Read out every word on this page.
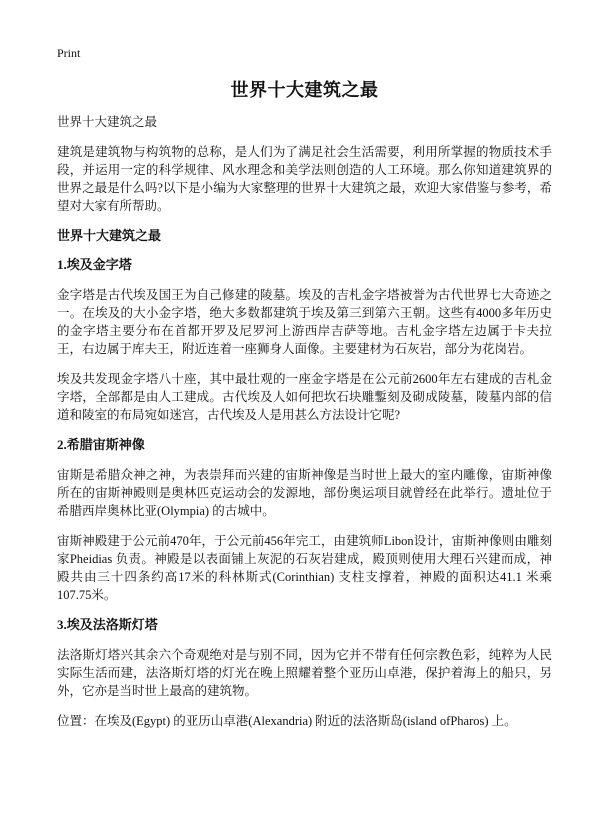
Print
世界十大建筑之最
世界十大建筑之最

建筑是建筑物与构筑物的总称，是人们为了满足社会生活需要，利用所掌握的物质技术手段，并运用一定的科学规律、风水理念和美学法则创造的人工环境。那么你知道建筑界的世界之最是什么吗?以下是小编为大家整理的世界十大建筑之最，欢迎大家借鉴与参考，希望对大家有所帮助。

世界十大建筑之最
1.埃及金字塔

金字塔是古代埃及国王为自己修建的陵墓。埃及的吉札金字塔被誉为古代世界七大奇迹之一。在埃及的大小金字塔，绝大多数都建筑于埃及第三到第六王朝。这些有4000多年历史的金字塔主要分布在首都开罗及尼罗河上游西岸吉萨等地。吉札金字塔左边属于卡夫拉王，右边属于库夫王，附近连着一座狮身人面像。主要建材为石灰岩，部分为花岗岩。

埃及共发现金字塔八十座，其中最壮观的一座金字塔是在公元前2600年左右建成的吉札金字塔，全部都是由人工建成。古代埃及人如何把坎石块雕鏨刻及砌成陵墓，陵墓内部的信道和陵室的布局宛如迷宫，古代埃及人是用甚么方法设计它呢?

2.希腊宙斯神像

宙斯是希腊众神之神，为表崇拜而兴建的宙斯神像是当时世上最大的室内雕像，宙斯神像所在的宙斯神殿则是奥林匹克运动会的发源地，部份奥运项目就曾经在此举行。遗址位于希腊西岸奥林比亚(Olympia) 的古城中。

宙斯神殿建于公元前470年，于公元前456年完工，由建筑师Libon设计，宙斯神像则由雕刻家Pheidias 负责。神殿是以表面铺上灰泥的石灰岩建成，殿顶则使用大理石兴建而成，神殿共由三十四条约高17米的科林斯式(Corinthian) 支柱支撑着，神殿的面积达41.1 米乘107.75米。

3.埃及法洛斯灯塔

法洛斯灯塔兴其余六个奇观绝对是与别不同，因为它并不带有任何宗教色彩，纯粹为人民实际生活而建，法洛斯灯塔的灯光在晚上照耀着整个亚历山卓港，保护着海上的船只，另外，它亦是当时世上最高的建筑物。

位置：在埃及(Egypt) 的亚历山卓港(Alexandria) 附近的法洛斯岛(island ofPharos) 上。
